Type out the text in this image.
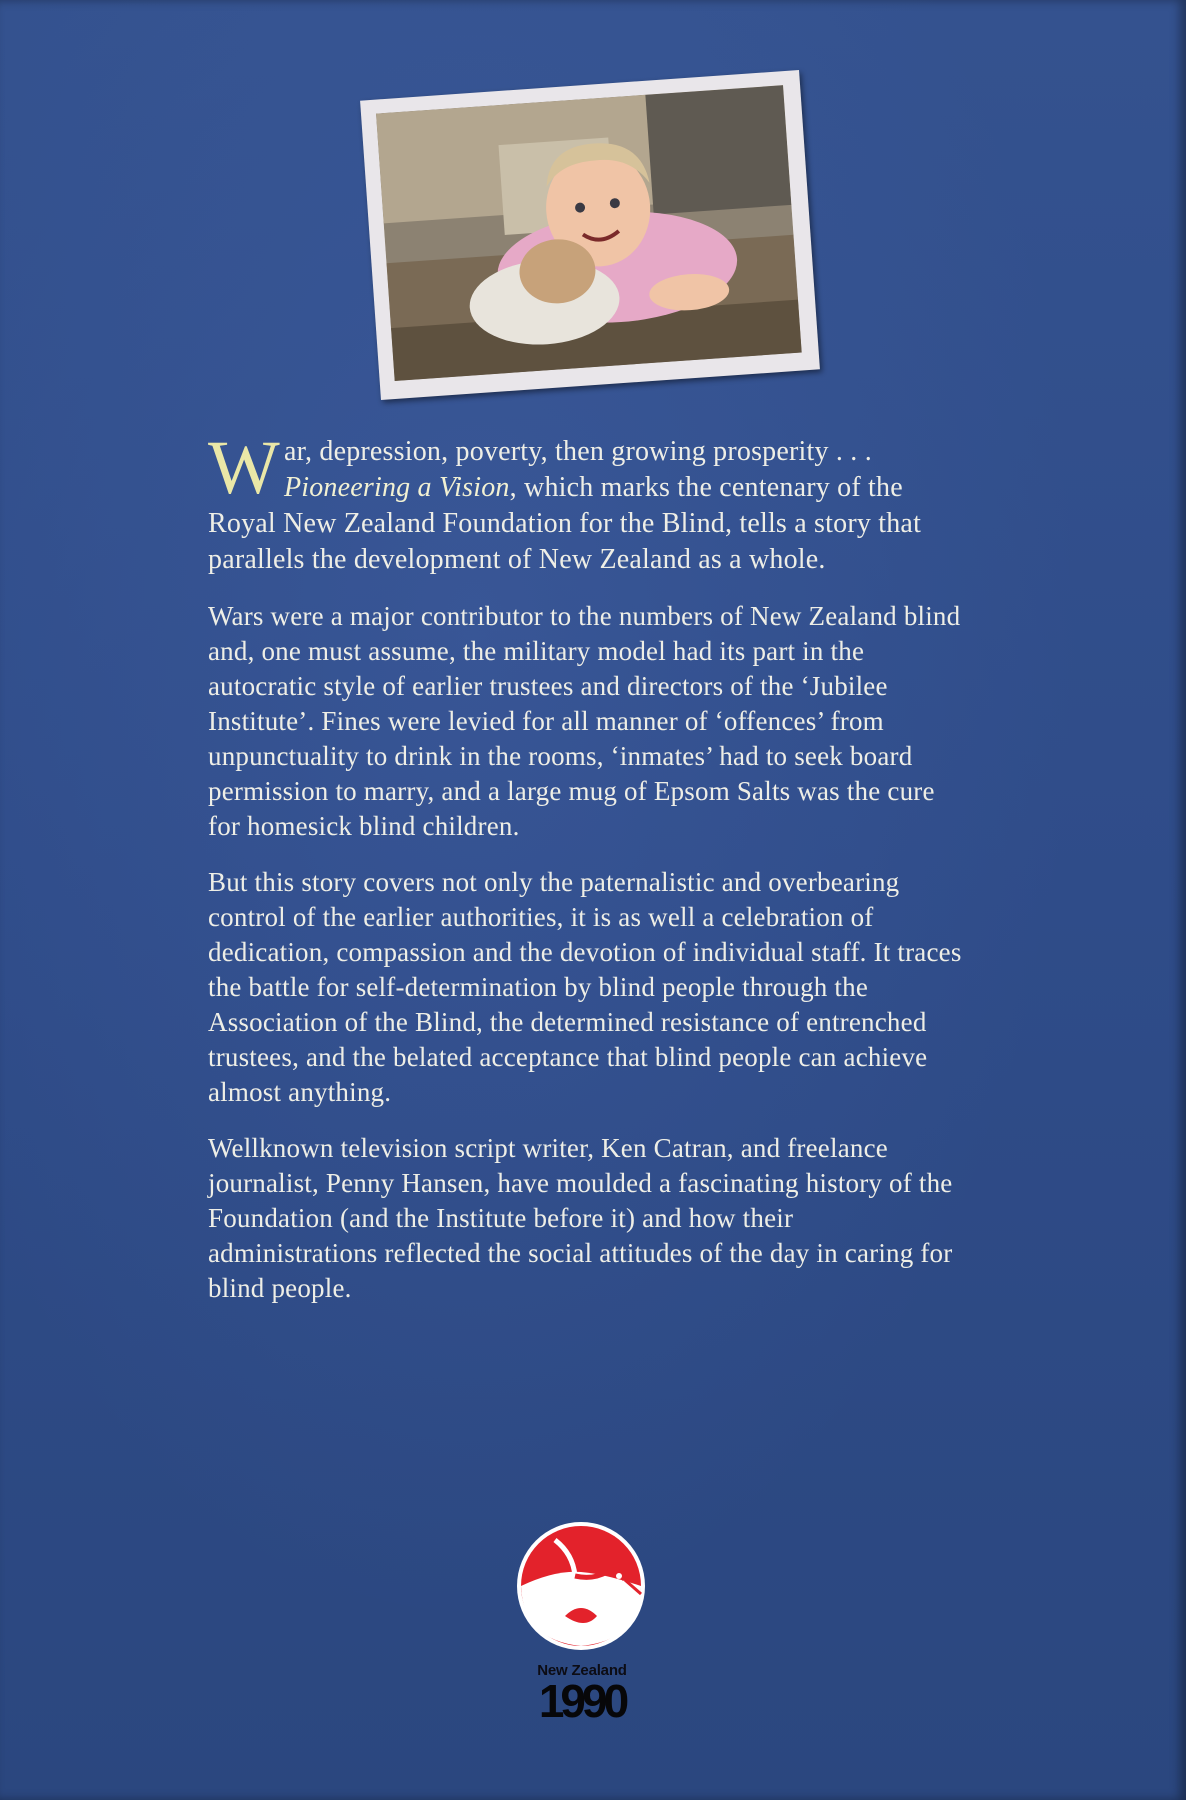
W ar, depression, poverty, then growing prosperity . . . Pioneering a Vision, which marks the centenary of the Royal New Zealand Foundation for the Blind, tells a story that parallels the development of New Zealand as a whole.

Wars were a major contributor to the numbers of New Zealand blind and, one must assume, the military model had its part in the autocratic style of earlier trustees and directors of the ‘Jubilee Institute’. Fines were levied for all manner of ‘offences’ from unpunctuality to drink in the rooms, ‘inmates’ had to seek board permission to marry, and a large mug of Epsom Salts was the cure for homesick blind children.

But this story covers not only the paternalistic and overbearing control of the earlier authorities, it is as well a celebration of dedication, compassion and the devotion of individual staff. It traces the battle for self-determination by blind people through the Association of the Blind, the determined resistance of entrenched trustees, and the belated acceptance that blind people can achieve almost anything.

Wellknown television script writer, Ken Catran, and freelance journalist, Penny Hansen, have moulded a fascinating history of the Foundation (and the Institute before it) and how their administrations reflected the social attitudes of the day in caring for blind people.

New Zealand
1990
